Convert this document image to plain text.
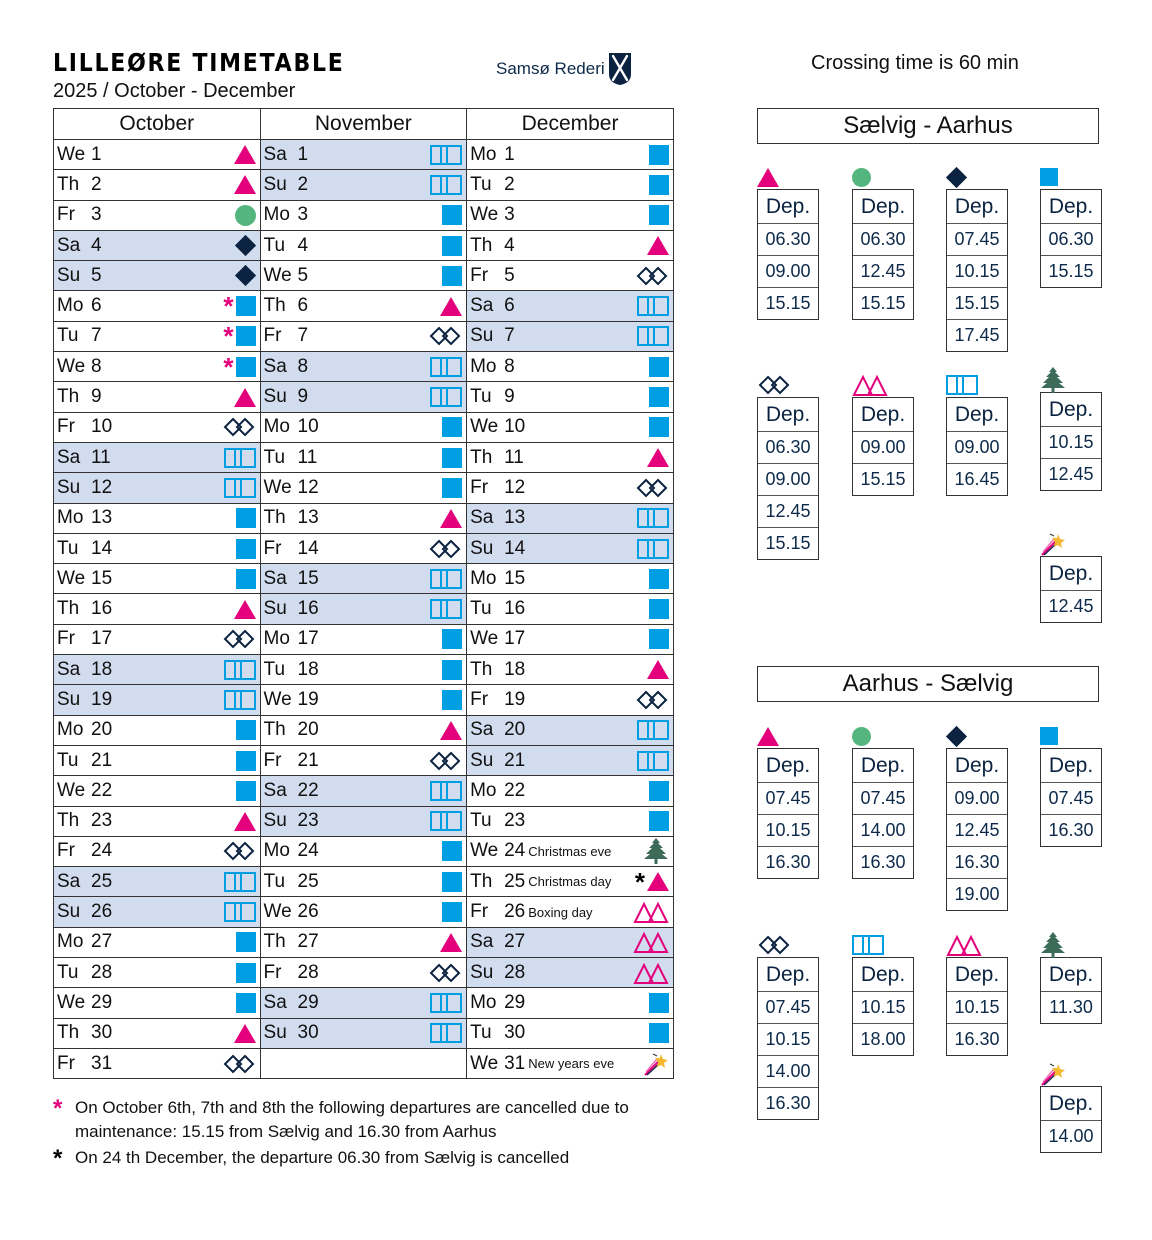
LILLEØRE TIMETABLE
2025 / October - December
Samsø Rederi	Crossing time is 60 min
October	November	December

We 1	Sa 1	Mo 1

Th 2	Su 2	Tu 2

Fr 3	Mo 3	We 3

Sa 4	Tu 4	Th 4

Su 5	We 5	Fr 5

Mo 6 *	Th 6	Sa 6

Tu 7 *	Fr 7	Su 7

We 8 *	Sa 8	Mo 8

Th 9	Su 9	Tu 9

Fr 10	Mo 10	We 10

Sa 11	Tu 11	Th 11

Su 12	We 12	Fr 12

Mo 13	Th 13	Sa 13

Tu 14	Fr 14	Su 14

We 15	Sa 15	Mo 15

Th 16	Su 16	Tu 16

Fr 17	Mo 17	We 17

Sa 18	Tu 18	Th 18

Su 19	We 19	Fr 19

Mo 20	Th 20	Sa 20

Tu 21	Fr 21	Su 21

We 22	Sa 22	Mo 22

Th 23	Su 23	Tu 23

Fr 24	Mo 24	We 24 Christmas eve

Sa 25	Tu 25	Th 25 Christmas day *

Su 26	We 26	Fr 26 Boxing day

Mo 27	Th 27	Sa 27

Tu 28	Fr 28	Su 28

We 29	Sa 29	Mo 29

Th 30	Su 30	Tu 30

Fr 31		We 31 New years eve
* On October 6th, 7th and 8th the following departures are cancelled due to
maintenance: 15.15 from Sælvig and 16.30 from Aarhus
* On 24 th December, the departure 06.30 from Sælvig is cancelled
Sælvig - Aarhus
Aarhus - Sælvig
Dep.
06.30
09.00
15.15
Dep.
06.30
12.45
15.15
Dep.
07.45
10.15
15.15
17.45
Dep.
06.30
15.15
Dep.
06.30
09.00
12.45
15.15
Dep.
09.00
15.15
Dep.
09.00
16.45
Dep.
10.15
12.45
Dep.
12.45
Dep.
07.45
10.15
16.30
Dep.
07.45
14.00
16.30
Dep.
09.00
12.45
16.30
19.00
Dep.
07.45
16.30
Dep.
07.45
10.15
14.00
16.30
Dep.
10.15
18.00
Dep.
10.15
16.30
Dep.
11.30
Dep.
14.00
